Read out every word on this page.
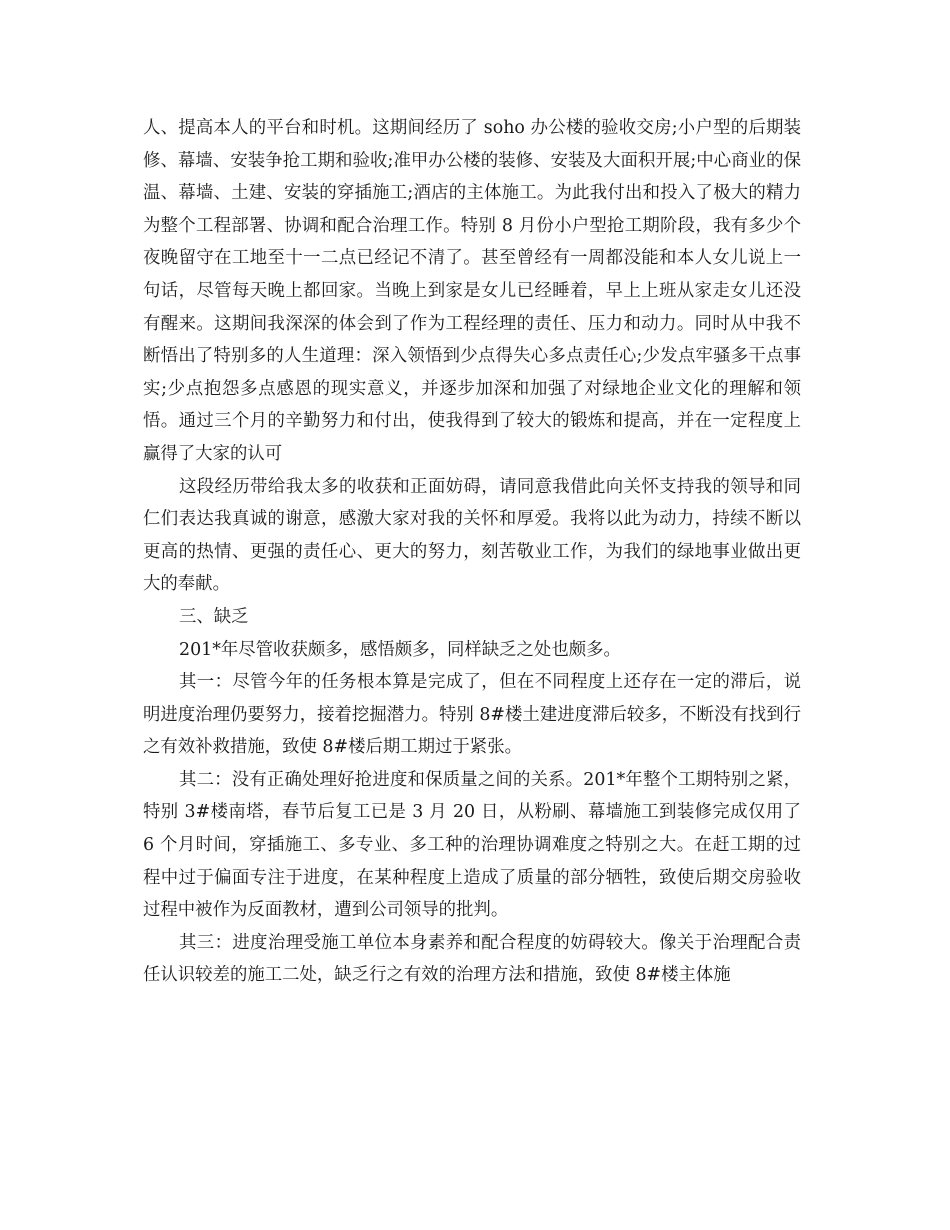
人、提高本人的平台和时机。这期间经历了 soho 办公楼的验收交房;小户型的后期装修、幕墙、安装争抢工期和验收;准甲办公楼的装修、安装及大面积开展;中心商业的保温、幕墙、土建、安装的穿插施工;酒店的主体施工。为此我付出和投入了极大的精力为整个工程部署、协调和配合治理工作。特别 8 月份小户型抢工期阶段，我有多少个夜晚留守在工地至十一二点已经记不清了。甚至曾经有一周都没能和本人女儿说上一句话，尽管每天晚上都回家。当晚上到家是女儿已经睡着，早上上班从家走女儿还没有醒来。这期间我深深的体会到了作为工程经理的责任、压力和动力。同时从中我不断悟出了特别多的人生道理：深入领悟到少点得失心多点责任心;少发点牢骚多干点事实;少点抱怨多点感恩的现实意义，并逐步加深和加强了对绿地企业文化的理解和领悟。通过三个月的辛勤努力和付出，使我得到了较大的锻炼和提高，并在一定程度上赢得了大家的认可

这段经历带给我太多的收获和正面妨碍，请同意我借此向关怀支持我的领导和同仁们表达我真诚的谢意，感激大家对我的关怀和厚爱。我将以此为动力，持续不断以更高的热情、更强的责任心、更大的努力，刻苦敬业工作，为我们的绿地事业做出更大的奉献。

三、缺乏

201*年尽管收获颇多，感悟颇多，同样缺乏之处也颇多。

其一：尽管今年的任务根本算是完成了，但在不同程度上还存在一定的滞后，说明进度治理仍要努力，接着挖掘潜力。特别 8#楼土建进度滞后较多，不断没有找到行之有效补救措施，致使 8#楼后期工期过于紧张。

其二：没有正确处理好抢进度和保质量之间的关系。201*年整个工期特别之紧，特别 3#楼南塔，春节后复工已是 3 月 20 日，从粉刷、幕墙施工到装修完成仅用了 6 个月时间，穿插施工、多专业、多工种的治理协调难度之特别之大。在赶工期的过程中过于偏面专注于进度，在某种程度上造成了质量的部分牺牲，致使后期交房验收过程中被作为反面教材，遭到公司领导的批判。

其三：进度治理受施工单位本身素养和配合程度的妨碍较大。像关于治理配合责任认识较差的施工二处，缺乏行之有效的治理方法和措施，致使 8#楼主体施
